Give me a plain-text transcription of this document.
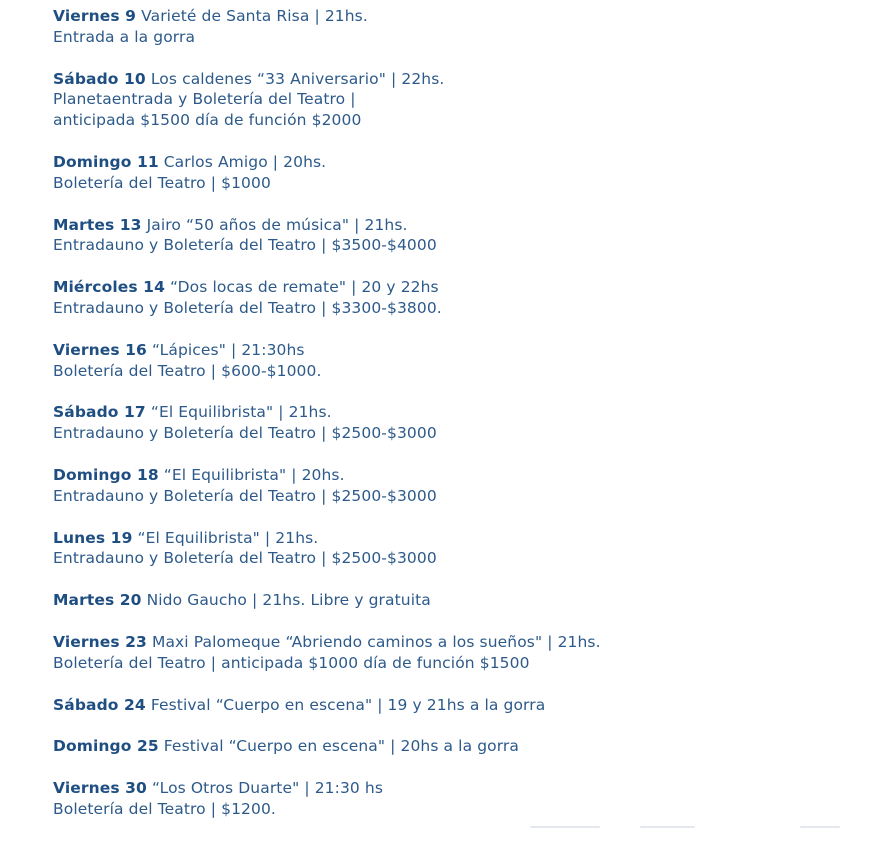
Viernes 9 Varieté de Santa Risa | 21hs.
Entrada a la gorra
Sábado 10 Los caldenes “33 Aniversario" | 22hs.
Planetaentrada y Boletería del Teatro |
anticipada $1500 día de función $2000
Domingo 11 Carlos Amigo | 20hs.
Boletería del Teatro | $1000
Martes 13 Jairo “50 años de música" | 21hs.
Entradauno y Boletería del Teatro | $3500-$4000
Miércoles 14 “Dos locas de remate" | 20 y 22hs
Entradauno y Boletería del Teatro | $3300-$3800.
Viernes 16 “Lápices" | 21:30hs
Boletería del Teatro | $600-$1000.
Sábado 17 “El Equilibrista" | 21hs.
Entradauno y Boletería del Teatro | $2500-$3000
Domingo 18 “El Equilibrista" | 20hs.
Entradauno y Boletería del Teatro | $2500-$3000
Lunes 19 “El Equilibrista" | 21hs.
Entradauno y Boletería del Teatro | $2500-$3000
Martes 20 Nido Gaucho | 21hs. Libre y gratuita
Viernes 23 Maxi Palomeque “Abriendo caminos a los sueños" | 21hs.
Boletería del Teatro | anticipada $1000 día de función $1500
Sábado 24 Festival “Cuerpo en escena" | 19 y 21hs a la gorra
Domingo 25 Festival “Cuerpo en escena" | 20hs a la gorra
Viernes 30 “Los Otros Duarte" | 21:30 hs
Boletería del Teatro | $1200.
